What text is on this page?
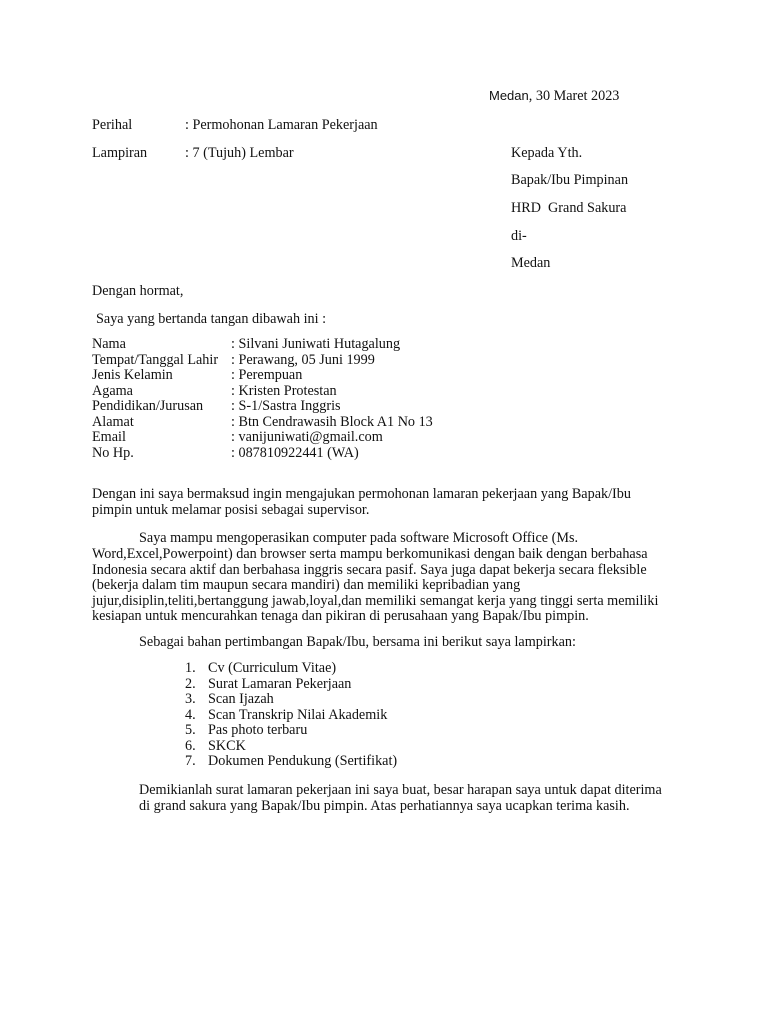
Medan, 30 Maret 2023
Perihal	: Permohonan Lamaran Pekerjaan
Lampiran	: 7 (Tujuh) Lembar	Kepada Yth.
Bapak/Ibu Pimpinan
HRD  Grand Sakura
di-
Medan
Dengan hormat,
Saya yang bertanda tangan dibawah ini :
Nama	: Silvani Juniwati Hutagalung
Tempat/Tanggal Lahir : Perawang, 05 Juni 1999
Jenis Kelamin	: Perempuan
Agama	: Kristen Protestan
Pendidikan/Jurusan : S-1/Sastra Inggris
Alamat	: Btn Cendrawasih Block A1 No 13
Email	: vanijuniwati@gmail.com
No Hp.	: 087810922441 (WA)
Dengan ini saya bermaksud ingin mengajukan permohonan lamaran pekerjaan yang Bapak/Ibu
pimpin untuk melamar posisi sebagai supervisor.
Saya mampu mengoperasikan computer pada software Microsoft Office (Ms.
Word,Excel,Powerpoint) dan browser serta mampu berkomunikasi dengan baik dengan berbahasa
Indonesia secara aktif dan berbahasa inggris secara pasif. Saya juga dapat bekerja secara fleksible
(bekerja dalam tim maupun secara mandiri) dan memiliki kepribadian yang
jujur,disiplin,teliti,bertanggung jawab,loyal,dan memiliki semangat kerja yang tinggi serta memiliki
kesiapan untuk mencurahkan tenaga dan pikiran di perusahaan yang Bapak/Ibu pimpin.
Sebagai bahan pertimbangan Bapak/Ibu, bersama ini berikut saya lampirkan:
1. Cv (Curriculum Vitae)
2. Surat Lamaran Pekerjaan
3. Scan Ijazah
4. Scan Transkrip Nilai Akademik
5. Pas photo terbaru
6. SKCK
7. Dokumen Pendukung (Sertifikat)
Demikianlah surat lamaran pekerjaan ini saya buat, besar harapan saya untuk dapat diterima
di grand sakura yang Bapak/Ibu pimpin. Atas perhatiannya saya ucapkan terima kasih.
